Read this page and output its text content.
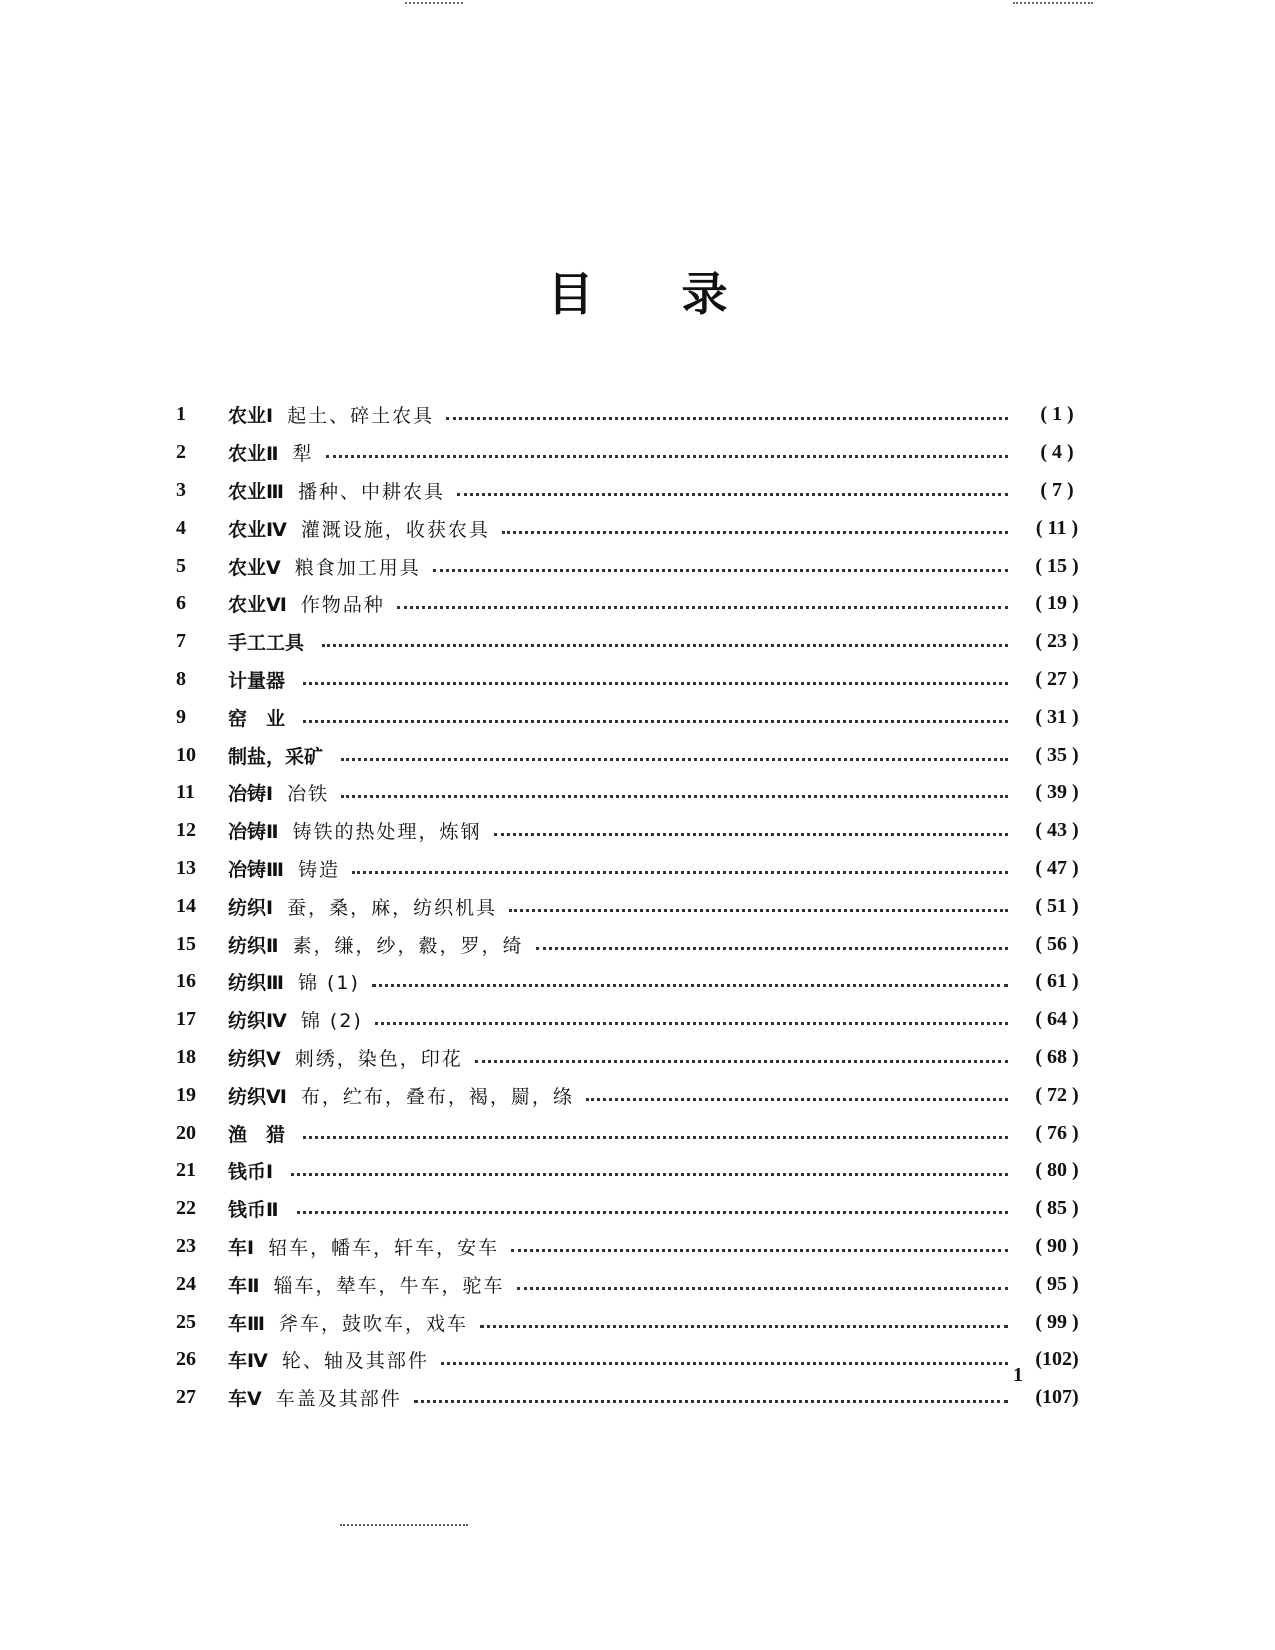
目 录
1	农业Ⅰ 起土、碎土农具	( 1 )
2	农业Ⅱ 犁	( 4 )
3	农业Ⅲ 播种、中耕农具	( 7 )
4	农业Ⅳ 灌溉设施，收获农具	( 11 )
5	农业Ⅴ 粮食加工用具	( 15 )
6	农业Ⅵ 作物品种	( 19 )
7	手工工具	( 23 )
8	计量器	( 27 )
9	窑　业	( 31 )
10	制盐，采矿	( 35 )
11	冶铸Ⅰ 冶铁	( 39 )
12	冶铸Ⅱ 铸铁的热处理，炼钢	( 43 )
13	冶铸Ⅲ 铸造	( 47 )
14	纺织Ⅰ 蚕，桑，麻，纺织机具	( 51 )
15	纺织Ⅱ 素，缣，纱，縠，罗，绮	( 56 )
16	纺织Ⅲ 锦 (1)	( 61 )
17	纺织Ⅳ 锦 (2)	( 64 )
18	纺织Ⅴ 刺绣，染色，印花	( 68 )
19	纺织Ⅵ 布，纻布，叠布，褐，罽，绦	( 72 )
20	渔　猎	( 76 )
21	钱币Ⅰ	( 80 )
22	钱币Ⅱ	( 85 )
23	车Ⅰ 轺车，幡车，轩车，安车	( 90 )
24	车Ⅱ 辎车，辇车，牛车，驼车	( 95 )
25	车Ⅲ 斧车，鼓吹车，戏车	( 99 )
26	车Ⅳ 轮、轴及其部件	(102)
27	车Ⅴ 车盖及其部件	(107)
1
